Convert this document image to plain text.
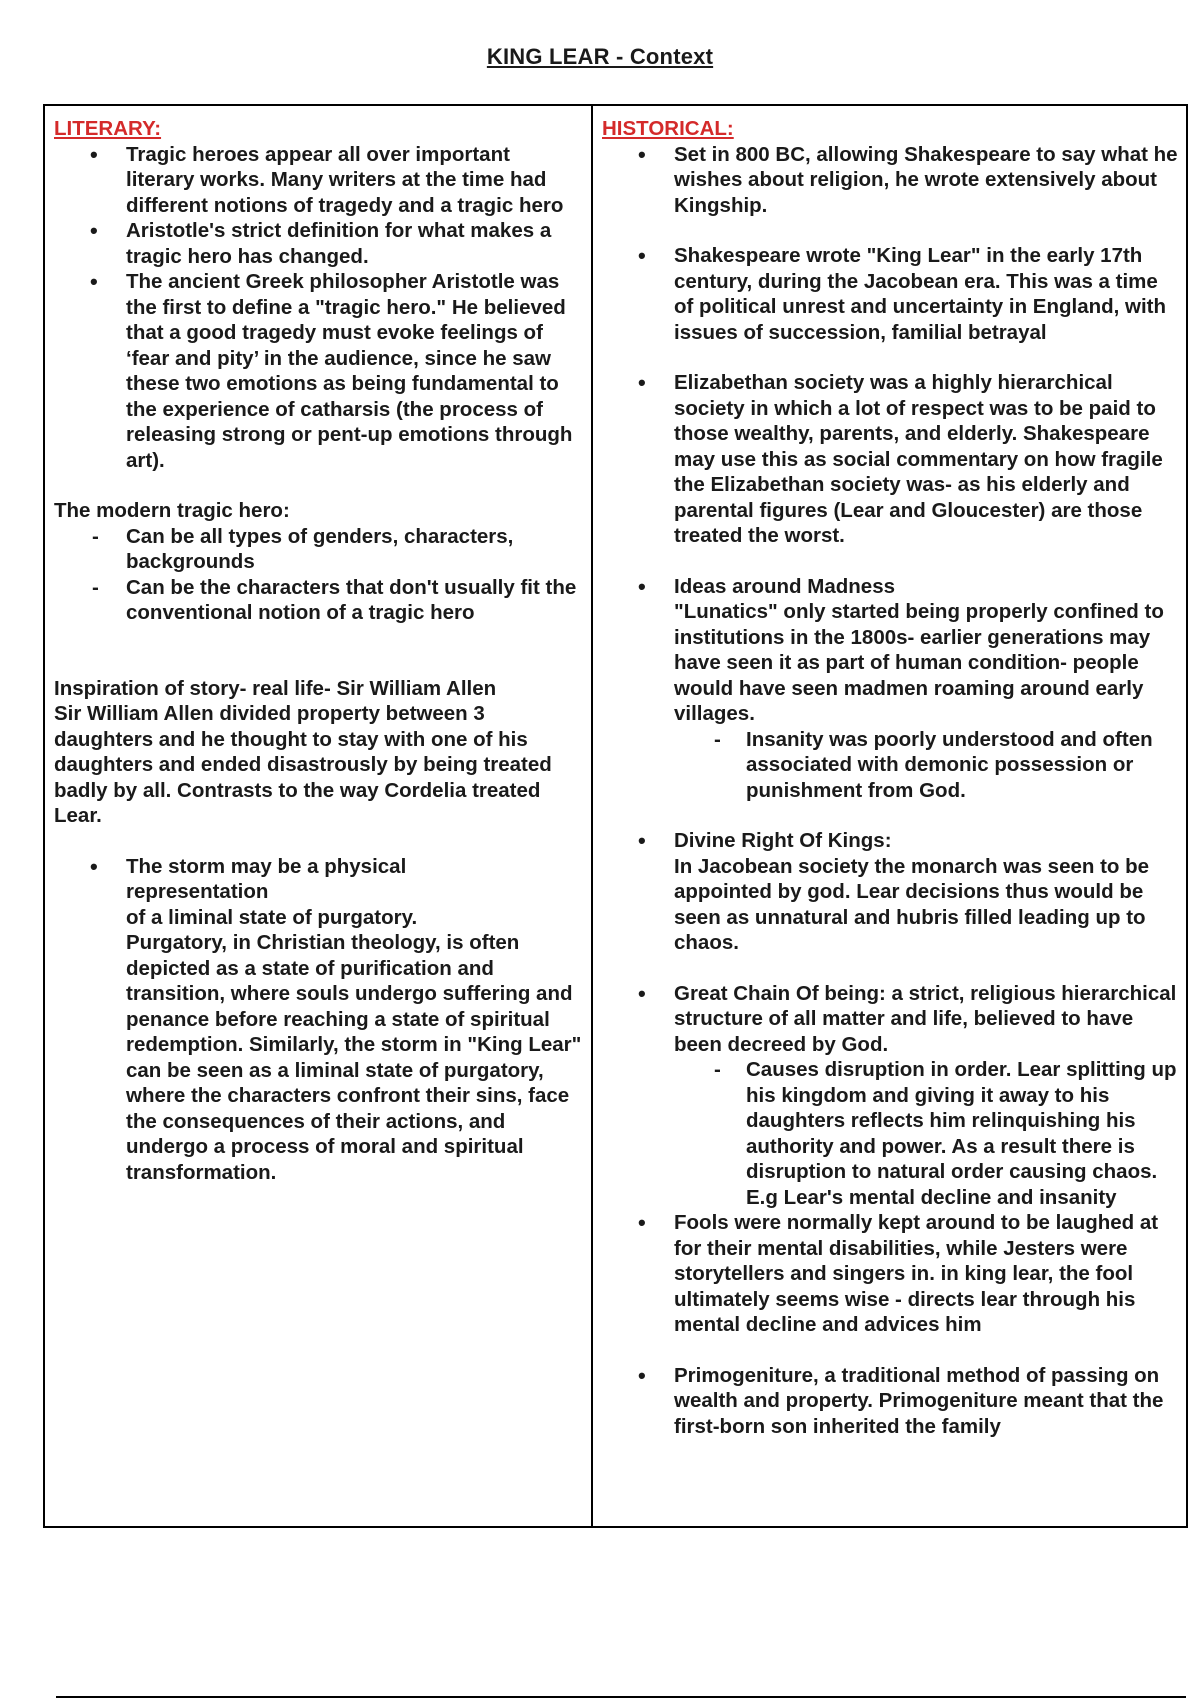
KING LEAR - Context
LITERARY:
• Tragic heroes appear all over important literary works. Many writers at the time had different notions of tragedy and a tragic hero
• Aristotle's strict definition for what makes a tragic hero has changed.
• The ancient Greek philosopher Aristotle was the first to define a "tragic hero." He believed that a good tragedy must evoke feelings of ‘fear and pity’ in the audience, since he saw these two emotions as being fundamental to the experience of catharsis (the process of releasing strong or pent-up emotions through art).

The modern tragic hero:

- Can be all types of genders, characters, backgrounds
- Can be the characters that don't usually fit the conventional notion of a tragic hero

Inspiration of story- real life- Sir William Allen

Sir William Allen divided property between 3 daughters and he thought to stay with one of his daughters and ended disastrously by being treated badly by all. Contrasts to the way Cordelia treated Lear.

• The storm may be a physical
representation
of a liminal state of purgatory.
Purgatory, in Christian theology, is often depicted as a state of purification and transition, where souls undergo suffering and penance before reaching a state of spiritual redemption. Similarly, the storm in "King Lear" can be seen as a liminal state of purgatory, where the characters confront their sins, face the consequences of their actions, and undergo a process of moral and spiritual transformation.
HISTORICAL:
• Set in 800 BC, allowing Shakespeare to say what he wishes about religion, he wrote extensively about Kingship.
• Shakespeare wrote "King Lear" in the early 17th century, during the Jacobean era. This was a time of political unrest and uncertainty in England, with issues of succession, familial betrayal
• Elizabethan society was a highly hierarchical society in which a lot of respect was to be paid to those wealthy, parents, and elderly. Shakespeare may use this as social commentary on how fragile the Elizabethan society was- as his elderly and parental figures (Lear and Gloucester) are those treated the worst.
• Ideas around Madness
"Lunatics" only started being properly confined to institutions in the 1800s- earlier generations may have seen it as part of human condition- people would have seen madmen roaming around early villages.
- Insanity was poorly understood and often associated with demonic possession or punishment from God.
• Divine Right Of Kings:
In Jacobean society the monarch was seen to be appointed by god. Lear decisions thus would be seen as unnatural and hubris filled leading up to chaos.
• Great Chain Of being: a strict, religious hierarchical structure of all matter and life, believed to have been decreed by God.
- Causes disruption in order. Lear splitting up his kingdom and giving it away to his daughters reflects him relinquishing his authority and power. As a result there is disruption to natural order causing chaos. E.g Lear's mental decline and insanity
• Fools were normally kept around to be laughed at for their mental disabilities, while Jesters were storytellers and singers in. in king lear, the fool ultimately seems wise - directs lear through his mental decline and advices him
• Primogeniture, a traditional method of passing on wealth and property. Primogeniture meant that the first-born son inherited the family
